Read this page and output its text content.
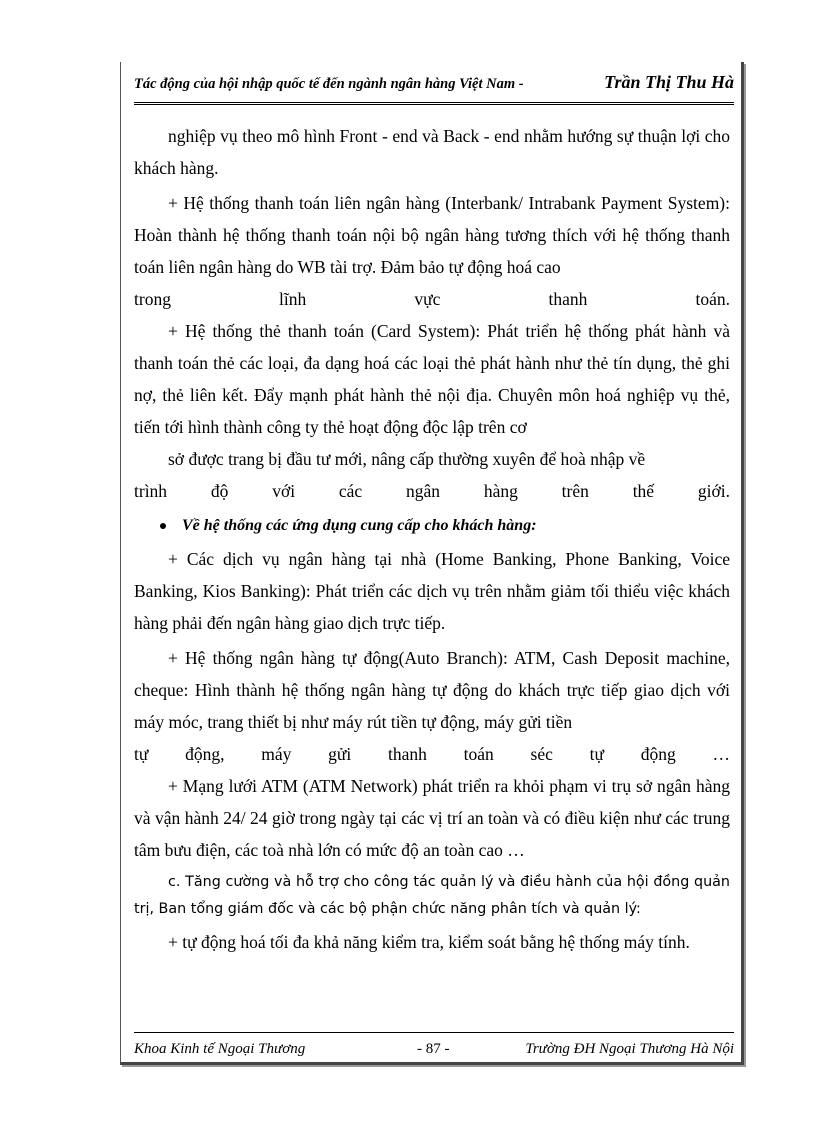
Tác động của hội nhập quốc tế đến ngành ngân hàng Việt Nam -	Trần Thị Thu Hà

nghiệp vụ theo mô hình Front - end và Back - end nhằm hướng sự thuận lợi cho khách hàng.

+ Hệ thống thanh toán liên ngân hàng (Interbank/ Intrabank Payment System): Hoàn thành hệ thống thanh toán nội bộ ngân hàng tương thích với hệ thống thanh toán liên ngân hàng do WB tài trợ. Đảm bảo tự động hoá cao

trong lĩnh vực thanh toán.

+ Hệ thống thẻ thanh toán (Card System): Phát triển hệ thống phát hành và thanh toán thẻ các loại, đa dạng hoá các loại thẻ phát hành như thẻ tín dụng, thẻ ghi nợ, thẻ liên kết. Đẩy mạnh phát hành thẻ nội địa. Chuyên môn hoá nghiệp vụ thẻ, tiến tới hình thành công ty thẻ hoạt động độc lập trên cơ

sở được trang bị đầu tư mới, nâng cấp thường xuyên để hoà nhập về

trình độ với các ngân hàng trên thế giới.

Về hệ thống các ứng dụng cung cấp cho khách hàng:

+ Các dịch vụ ngân hàng tại nhà (Home Banking, Phone Banking, Voice Banking, Kios Banking): Phát triển các dịch vụ trên nhằm giảm tối thiểu việc khách hàng phải đến ngân hàng giao dịch trực tiếp.

+ Hệ thống ngân hàng tự động(Auto Branch): ATM, Cash Deposit machine, cheque: Hình thành hệ thống ngân hàng tự động do khách trực tiếp giao dịch với máy móc, trang thiết bị như máy rút tiền tự động, máy gửi tiền

tự động, máy gửi thanh toán séc tự động …

+ Mạng lưới ATM (ATM Network) phát triển ra khỏi phạm vi trụ sở ngân hàng và vận hành 24/ 24 giờ trong ngày tại các vị trí an toàn và có điều kiện như các trung tâm bưu điện, các toà nhà lớn có mức độ an toàn cao …

c. Tăng cường và hỗ trợ cho công tác quản lý và điều hành của hội đồng quản trị, Ban tổng giám đốc và các bộ phận chức năng phân tích và quản lý:

+ tự động hoá tối đa khả năng kiểm tra, kiểm soát bằng hệ thống máy tính.

Khoa Kinh tế Ngoại Thương	- 87 -	Trường ĐH Ngoại Thương Hà Nội
